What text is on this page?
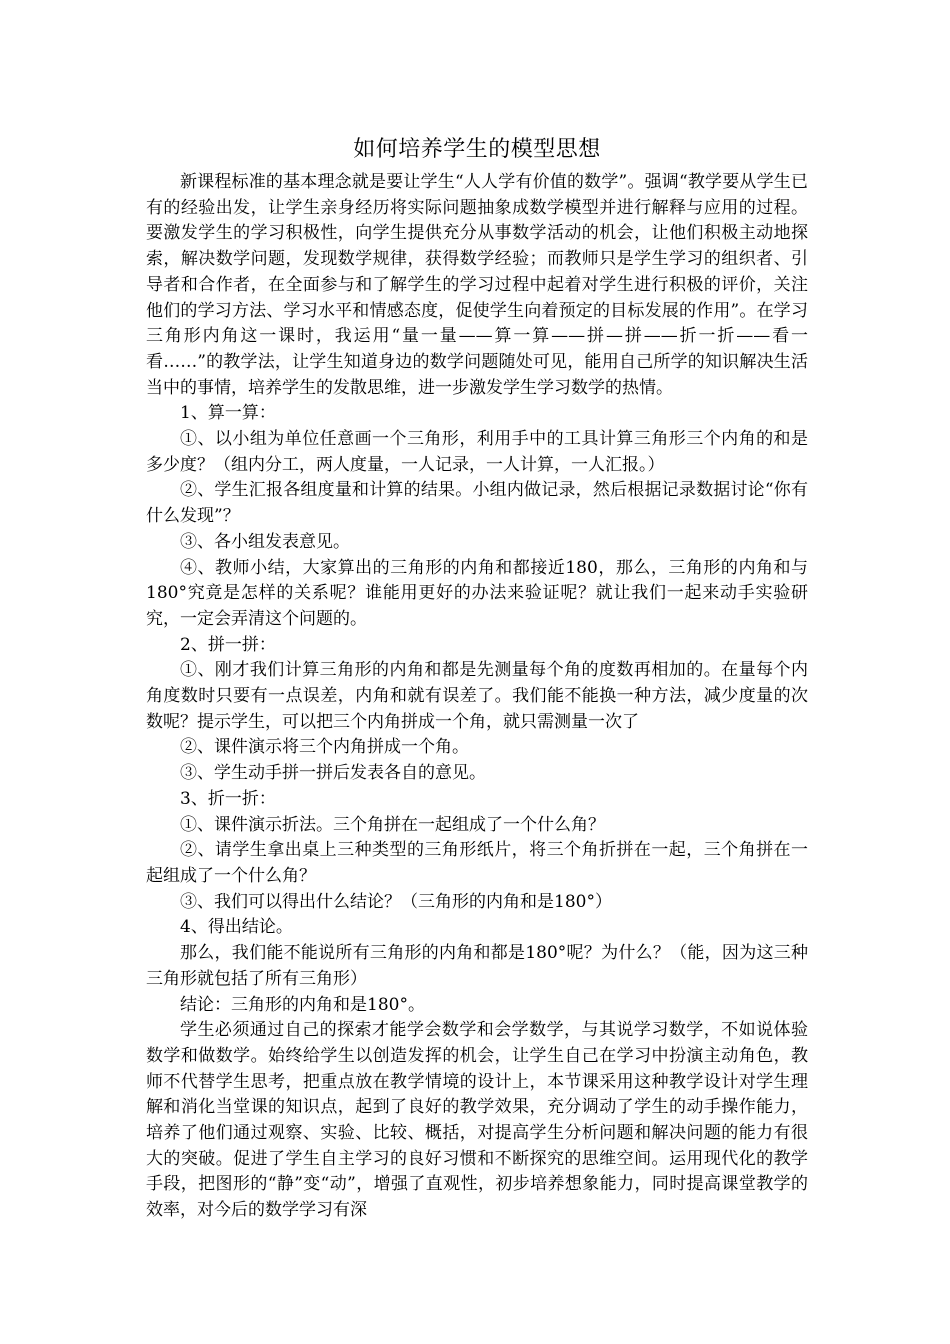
如何培养学生的模型思想

新课程标准的基本理念就是要让学生“人人学有价值的数学”。强调“教学要从学生已有的经验出发，让学生亲身经历将实际问题抽象成数学模型并进行解释与应用的过程。要激发学生的学习积极性，向学生提供充分从事数学活动的机会，让他们积极主动地探索，解决数学问题，发现数学规律，获得数学经验；而教师只是学生学习的组织者、引导者和合作者，在全面参与和了解学生的学习过程中起着对学生进行积极的评价，关注他们的学习方法、学习水平和情感态度，促使学生向着预定的目标发展的作用”。在学习三角形内角这一课时，我运用“量一量——算一算——拼—拼——折一折——看一看……”的教学法，让学生知道身边的数学问题随处可见，能用自己所学的知识解决生活当中的事情，培养学生的发散思维，进一步激发学生学习数学的热情。

1、算一算：

①、以小组为单位任意画一个三角形，利用手中的工具计算三角形三个内角的和是多少度？（组内分工，两人度量，一人记录，一人计算，一人汇报。）

②、学生汇报各组度量和计算的结果。小组内做记录，然后根据记录数据讨论“你有什么发现”？

③、各小组发表意见。

④、教师小结，大家算出的三角形的内角和都接近180，那么，三角形的内角和与180°究竟是怎样的关系呢？谁能用更好的办法来验证呢？就让我们一起来动手实验研究，一定会弄清这个问题的。

2、拼一拼：

①、刚才我们计算三角形的内角和都是先测量每个角的度数再相加的。在量每个内角度数时只要有一点误差，内角和就有误差了。我们能不能换一种方法，减少度量的次数呢？提示学生，可以把三个内角拼成一个角，就只需测量一次了

②、课件演示将三个内角拼成一个角。

③、学生动手拼一拼后发表各自的意见。

3、折一折：

①、课件演示折法。三个角拼在一起组成了一个什么角？

②、请学生拿出桌上三种类型的三角形纸片，将三个角折拼在一起，三个角拼在一起组成了一个什么角？

③、我们可以得出什么结论？（三角形的内角和是180°）

4、得出结论。

那么，我们能不能说所有三角形的内角和都是180°呢？为什么？（能，因为这三种三角形就包括了所有三角形）

结论：三角形的内角和是180°。

学生必须通过自己的探索才能学会数学和会学数学，与其说学习数学，不如说体验数学和做数学。始终给学生以创造发挥的机会，让学生自己在学习中扮演主动角色，教师不代替学生思考，把重点放在教学情境的设计上，本节课采用这种教学设计对学生理解和消化当堂课的知识点，起到了良好的教学效果，充分调动了学生的动手操作能力，培养了他们通过观察、实验、比较、概括，对提高学生分析问题和解决问题的能力有很大的突破。促进了学生自主学习的良好习惯和不断探究的思维空间。运用现代化的教学手段，把图形的“静”变“动”，增强了直观性，初步培养想象能力，同时提高课堂教学的效率，对今后的数学学习有深
